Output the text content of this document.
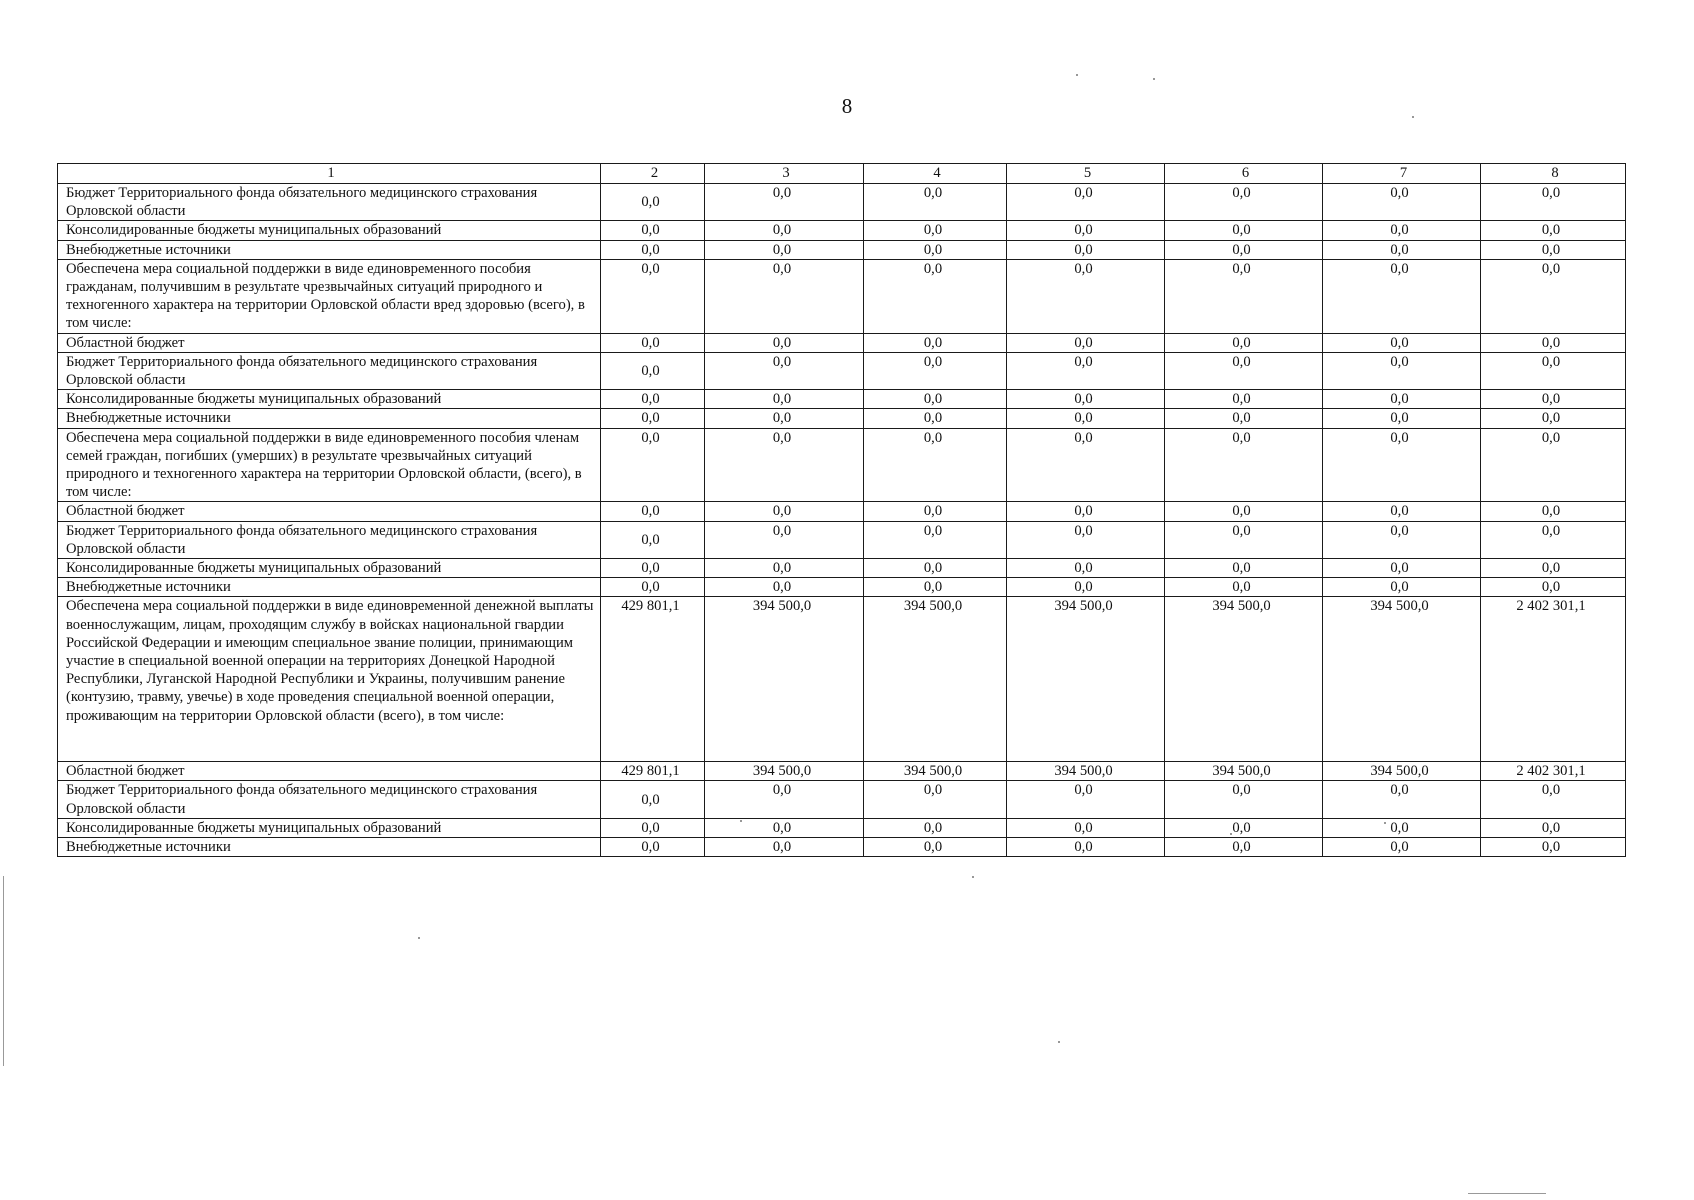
8
1	2	3	4	5	6	7	8
Бюджет Территориального фонда обязательного медицинского страхования Орловской области	0,0	0,0	0,0	0,0	0,0	0,0	0,0
Консолидированные бюджеты муниципальных образований	0,0	0,0	0,0	0,0	0,0	0,0	0,0
Внебюджетные источники	0,0	0,0	0,0	0,0	0,0	0,0	0,0
Обеспечена мера социальной поддержки в виде единовременного пособия гражданам, получившим в результате чрезвычайных ситуаций природного и техногенного характера на территории Орловской области вред здоровью (всего), в том числе:	0,0	0,0	0,0	0,0	0,0	0,0	0,0
Областной бюджет	0,0	0,0	0,0	0,0	0,0	0,0	0,0
Бюджет Территориального фонда обязательного медицинского страхования Орловской области	0,0	0,0	0,0	0,0	0,0	0,0	0,0
Консолидированные бюджеты муниципальных образований	0,0	0,0	0,0	0,0	0,0	0,0	0,0
Внебюджетные источники	0,0	0,0	0,0	0,0	0,0	0,0	0,0
Обеспечена мера социальной поддержки в виде единовременного пособия членам семей граждан, погибших (умерших) в результате чрезвычайных ситуаций природного и техногенного характера на территории Орловской области, (всего), в том числе:	0,0	0,0	0,0	0,0	0,0	0,0	0,0
Областной бюджет	0,0	0,0	0,0	0,0	0,0	0,0	0,0
Бюджет Территориального фонда обязательного медицинского страхования Орловской области	0,0	0,0	0,0	0,0	0,0	0,0	0,0
Консолидированные бюджеты муниципальных образований	0,0	0,0	0,0	0,0	0,0	0,0	0,0
Внебюджетные источники	0,0	0,0	0,0	0,0	0,0	0,0	0,0
Обеспечена мера социальной поддержки в виде единовременной денежной выплаты военнослужащим, лицам, проходящим службу в войсках национальной гвардии Российской Федерации и имеющим специальное звание полиции, принимающим участие в специальной военной операции на территориях Донецкой Народной Республики, Луганской Народной Республики и Украины, получившим ранение (контузию, травму, увечье) в ходе проведения специальной военной операции, проживающим на территории Орловской области (всего), в том числе:	429 801,1	394 500,0	394 500,0	394 500,0	394 500,0	394 500,0	2 402 301,1
Областной бюджет	429 801,1	394 500,0	394 500,0	394 500,0	394 500,0	394 500,0	2 402 301,1
Бюджет Территориального фонда обязательного медицинского страхования Орловской области	0,0	0,0	0,0	0,0	0,0	0,0	0,0
Консолидированные бюджеты муниципальных образований	0,0	0,0	0,0	0,0	0,0	0,0	0,0
Внебюджетные источники	0,0	0,0	0,0	0,0	0,0	0,0	0,0
